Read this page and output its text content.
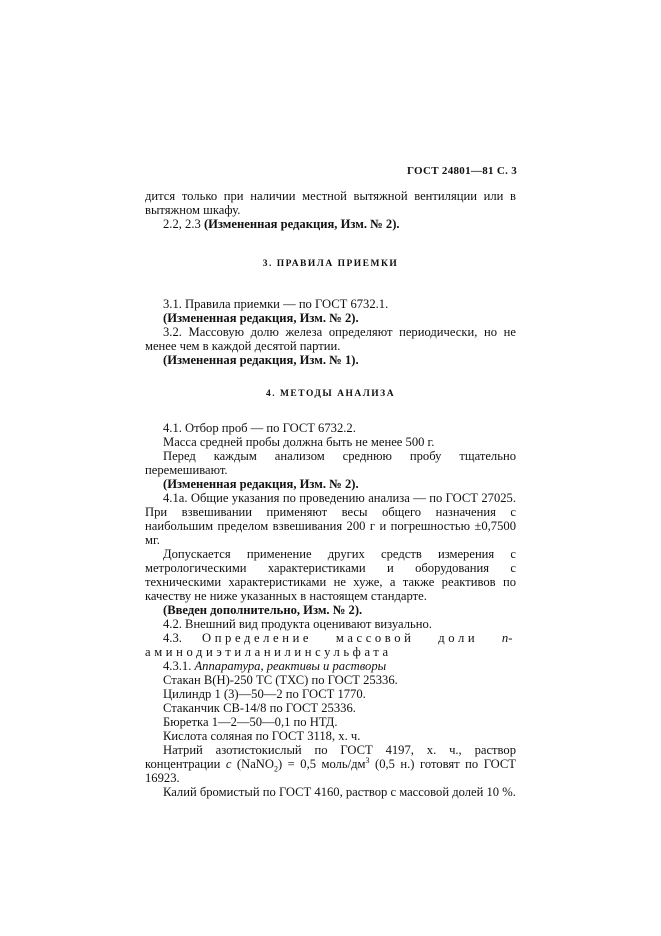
ГОСТ 24801—81 С. 3

дится только при наличии местной вытяжной вентиляции или в вытяжном шкафу.

2.2, 2.3 (Измененная редакция, Изм. № 2).

3. ПРАВИЛА ПРИЕМКИ

3.1. Правила приемки — по ГОСТ 6732.1.

(Измененная редакция, Изм. № 2).

3.2. Массовую долю железа определяют периодически, но не менее чем в каждой десятой партии.

(Измененная редакция, Изм. № 1).

4. МЕТОДЫ АНАЛИЗА

4.1. Отбор проб — по ГОСТ 6732.2.

Масса средней пробы должна быть не менее 500 г.

Перед каждым анализом среднюю пробу тщательно перемешивают.

(Измененная редакция, Изм. № 2).

4.1а. Общие указания по проведению анализа — по ГОСТ 27025. При взвешивании применяют весы общего назначения с наибольшим пределом взвешивания 200 г и погрешностью ±0,7500 мг.

Допускается применение других средств измерения с метрологическими характеристиками и оборудования с техническими характеристиками не хуже, а также реактивов по качеству не ниже указанных в настоящем стандарте.

(Введен дополнительно, Изм. № 2).

4.2. Внешний вид продукта оценивают визуально.

4.3. Определение массовой доли n-аминодиэтиланилинсульфата

4.3.1. Аппаратура, реактивы и растворы

Стакан В(Н)-250 ТС (ТХС) по ГОСТ 25336.

Цилиндр 1 (3)—50—2 по ГОСТ 1770.

Стаканчик СВ-14/8 по ГОСТ 25336.

Бюретка 1—2—50—0,1 по НТД.

Кислота соляная по ГОСТ 3118, х. ч.

Натрий азотистокислый по ГОСТ 4197, х. ч., раствор концентрации с (NaNO$_2$) = 0,5 моль/$дм^3$ (0,5 н.) готовят по ГОСТ 16923.

Калий бромистый по ГОСТ 4160, раствор с массовой долей 10 %.
